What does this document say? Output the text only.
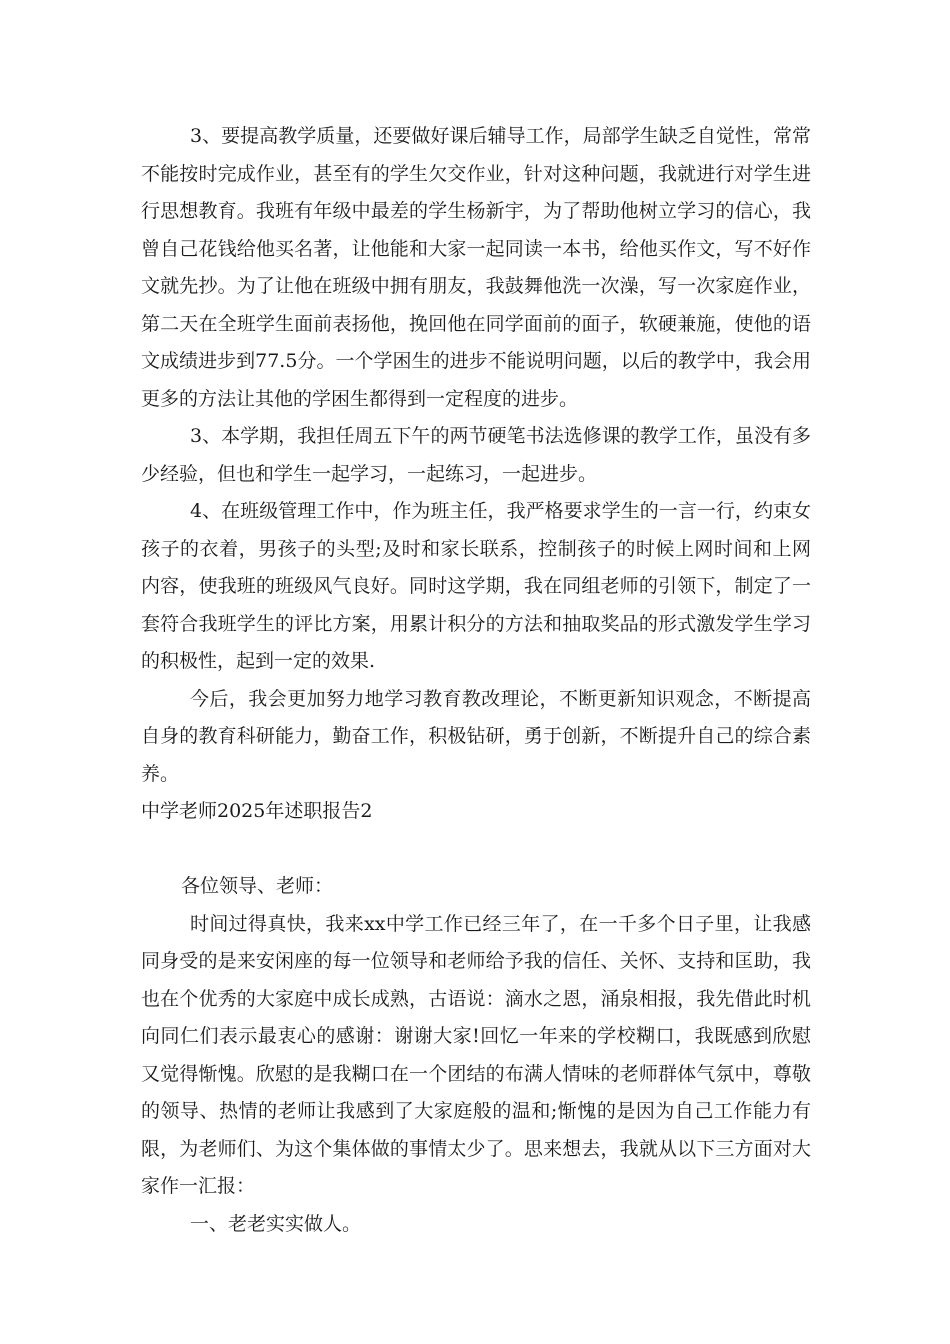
3、要提高教学质量，还要做好课后辅导工作，局部学生缺乏自觉性，常常不能按时完成作业，甚至有的学生欠交作业，针对这种问题，我就进行对学生进行思想教育。我班有年级中最差的学生杨新宇，为了帮助他树立学习的信心，我曾自己花钱给他买名著，让他能和大家一起同读一本书，给他买作文，写不好作文就先抄。为了让他在班级中拥有朋友，我鼓舞他洗一次澡，写一次家庭作业，第二天在全班学生面前表扬他，挽回他在同学面前的面子，软硬兼施，使他的语文成绩进步到77.5分。一个学困生的进步不能说明问题，以后的教学中，我会用更多的方法让其他的学困生都得到一定程度的进步。

3、本学期，我担任周五下午的两节硬笔书法选修课的教学工作，虽没有多少经验，但也和学生一起学习，一起练习，一起进步。

4、在班级管理工作中，作为班主任，我严格要求学生的一言一行，约束女孩子的衣着，男孩子的头型;及时和家长联系，控制孩子的时候上网时间和上网内容，使我班的班级风气良好。同时这学期，我在同组老师的引领下，制定了一套符合我班学生的评比方案，用累计积分的方法和抽取奖品的形式激发学生学习的积极性，起到一定的效果.

今后，我会更加努力地学习教育教改理论，不断更新知识观念，不断提高自身的教育科研能力，勤奋工作，积极钻研，勇于创新，不断提升自己的综合素养。

中学老师2025年述职报告2

各位领导、老师：

时间过得真快，我来xx中学工作已经三年了，在一千多个日子里，让我感同身受的是来安闲座的每一位领导和老师给予我的信任、关怀、支持和匡助，我也在个优秀的大家庭中成长成熟，古语说：滴水之恩，涌泉相报，我先借此时机向同仁们表示最衷心的感谢：谢谢大家!回忆一年来的学校糊口，我既感到欣慰又觉得惭愧。欣慰的是我糊口在一个团结的布满人情味的老师群体气氛中，尊敬的领导、热情的老师让我感到了大家庭般的温和;惭愧的是因为自己工作能力有限，为老师们、为这个集体做的事情太少了。思来想去，我就从以下三方面对大家作一汇报：

一、老老实实做人。
